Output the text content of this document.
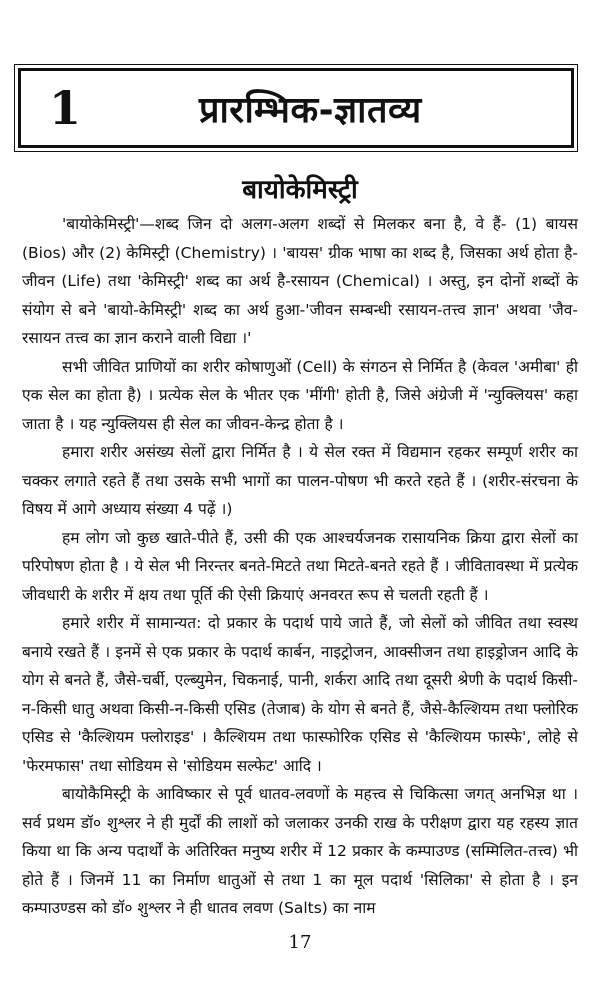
1	प्रारम्भिक-ज्ञातव्य
बायोकेमिस्ट्री

'बायोकेमिस्ट्री'—शब्द जिन दो अलग-अलग शब्दों से मिलकर बना है, वे हैं- (1) बायस (Bios) और (2) केमिस्ट्री (Chemistry) । 'बायस' ग्रीक भाषा का शब्द है, जिसका अर्थ होता है-जीवन (Life) तथा 'केमिस्ट्री' शब्द का अर्थ है-रसायन (Chemical) । अस्तु, इन दोनों शब्दों के संयोग से बने 'बायो-केमिस्ट्री' शब्द का अर्थ हुआ-'जीवन सम्बन्धी रसायन-तत्त्व ज्ञान' अथवा 'जैव-रसायन तत्त्व का ज्ञान कराने वाली विद्या ।'

सभी जीवित प्राणियों का शरीर कोषाणुओं (Cell) के संगठन से निर्मित है (केवल 'अमीबा' ही एक सेल का होता है) । प्रत्येक सेल के भीतर एक 'मींगी' होती है, जिसे अंग्रेजी में 'न्युक्लियस' कहा जाता है । यह न्युक्लियस ही सेल का जीवन-केन्द्र होता है ।

हमारा शरीर असंख्य सेलों द्वारा निर्मित है । ये सेल रक्त में विद्यमान रहकर सम्पूर्ण शरीर का चक्कर लगाते रहते हैं तथा उसके सभी भागों का पालन-पोषण भी करते रहते हैं । (शरीर-संरचना के विषय में आगे अध्याय संख्या 4 पढ़ें ।)

हम लोग जो कुछ खाते-पीते हैं, उसी की एक आश्चर्यजनक रासायनिक क्रिया द्वारा सेलों का परिपोषण होता है । ये सेल भी निरन्तर बनते-मिटते तथा मिटते-बनते रहते हैं । जीवितावस्था में प्रत्येक जीवधारी के शरीर में क्षय तथा पूर्ति की ऐसी क्रियाएं अनवरत रूप से चलती रहती हैं ।

हमारे शरीर में सामान्यत: दो प्रकार के पदार्थ पाये जाते हैं, जो सेलों को जीवित तथा स्वस्थ बनाये रखते हैं । इनमें से एक प्रकार के पदार्थ कार्बन, नाइट्रोजन, आक्सीजन तथा हाइड्रोजन आदि के योग से बनते हैं, जैसे-चर्बी, एल्ब्युमेन, चिकनाई, पानी, शर्करा आदि तथा दूसरी श्रेणी के पदार्थ किसी-न-किसी धातु अथवा किसी-न-किसी एसिड (तेजाब) के योग से बनते हैं, जैसे-कैल्शियम तथा फ्लोरिक एसिड से 'कैल्शियम फ्लोराइड' । कैल्शियम तथा फास्फोरिक एसिड से 'कैल्शियम फास्फे', लोहे से 'फेरमफास' तथा सोडियम से 'सोडियम सल्फेट' आदि ।

बायोकैमिस्ट्री के आविष्कार से पूर्व धातव-लवणों के महत्त्व से चिकित्सा जगत् अनभिज्ञ था । सर्व प्रथम डॉ० शुश्लर ने ही मुर्दों की लाशों को जलाकर उनकी राख के परीक्षण द्वारा यह रहस्य ज्ञात किया था कि अन्य पदार्थों के अतिरिक्त मनुष्य शरीर में 12 प्रकार के कम्पाउण्ड (सम्मिलित-तत्त्व) भी होते हैं । जिनमें 11 का निर्माण धातुओं से तथा 1 का मूल पदार्थ 'सिलिका' से होता है । इन कम्पाउण्डस को डॉ० शुश्लर ने ही धातव लवण (Salts) का नाम

17
